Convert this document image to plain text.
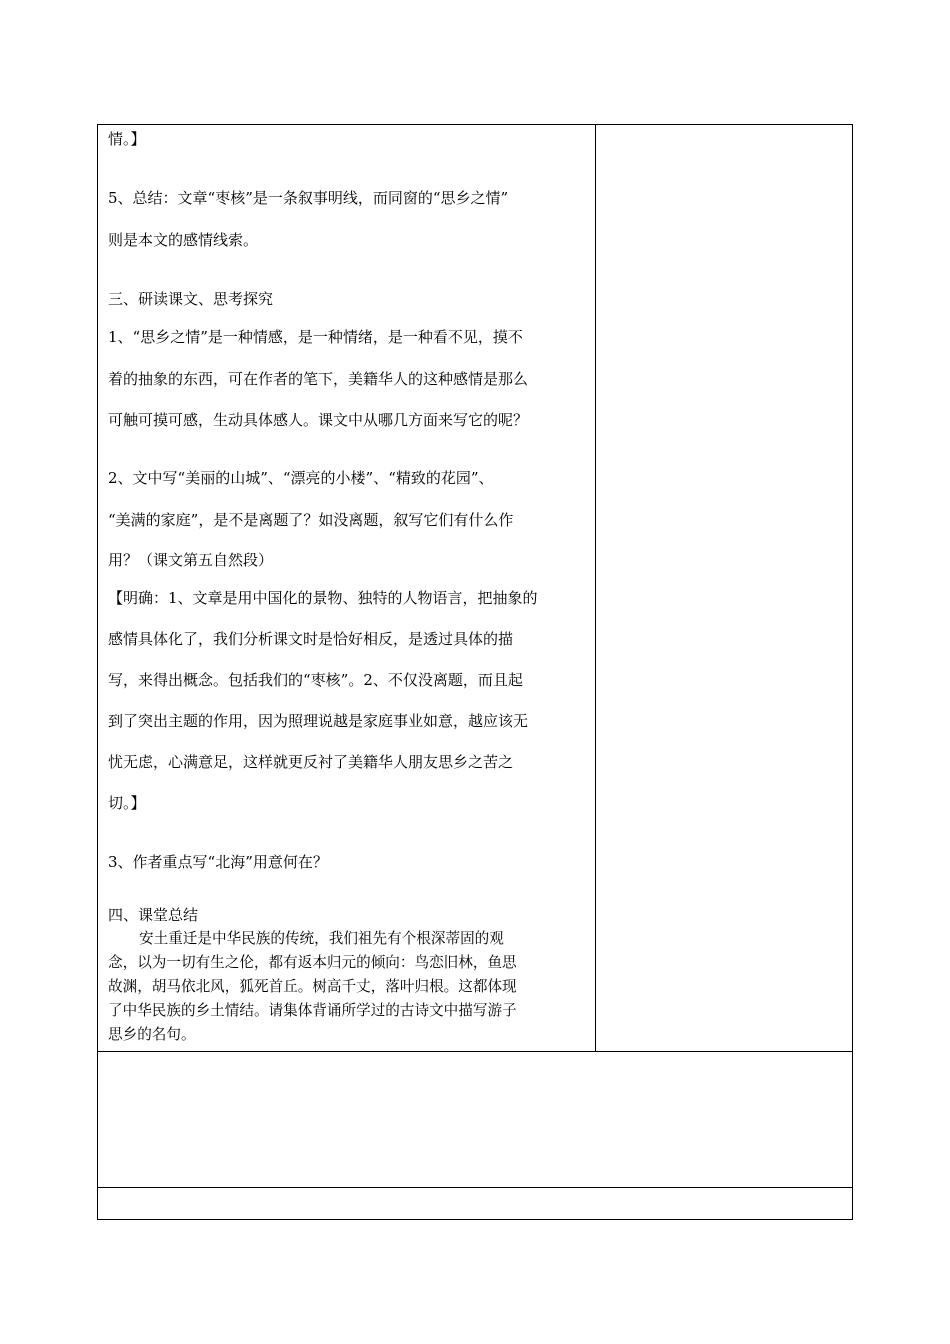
情。】
5、总结：文章“枣核”是一条叙事明线，而同窗的“思乡之情”
则是本文的感情线索。
三、研读课文、思考探究
1、“思乡之情”是一种情感，是一种情绪，是一种看不见，摸不
着的抽象的东西，可在作者的笔下，美籍华人的这种感情是那么
可触可摸可感，生动具体感人。课文中从哪几方面来写它的呢？
2、文中写“美丽的山城”、“漂亮的小楼”、“精致的花园”、
“美满的家庭”，是不是离题了？如没离题，叙写它们有什么作
用？（课文第五自然段）
【明确：1、文章是用中国化的景物、独特的人物语言，把抽象的
感情具体化了，我们分析课文时是恰好相反，是透过具体的描
写，来得出概念。包括我们的“枣核”。2、不仅没离题，而且起
到了突出主题的作用，因为照理说越是家庭事业如意，越应该无
忧无虑，心满意足，这样就更反衬了美籍华人朋友思乡之苦之
切。】
3、作者重点写“北海”用意何在？
四、课堂总结
安土重迁是中华民族的传统，我们祖先有个根深蒂固的观
念，以为一切有生之伦，都有返本归元的倾向：鸟恋旧林，鱼思
故渊，胡马依北风，狐死首丘。树高千丈，落叶归根。这都体现
了中华民族的乡土情结。请集体背诵所学过的古诗文中描写游子
思乡的名句。
